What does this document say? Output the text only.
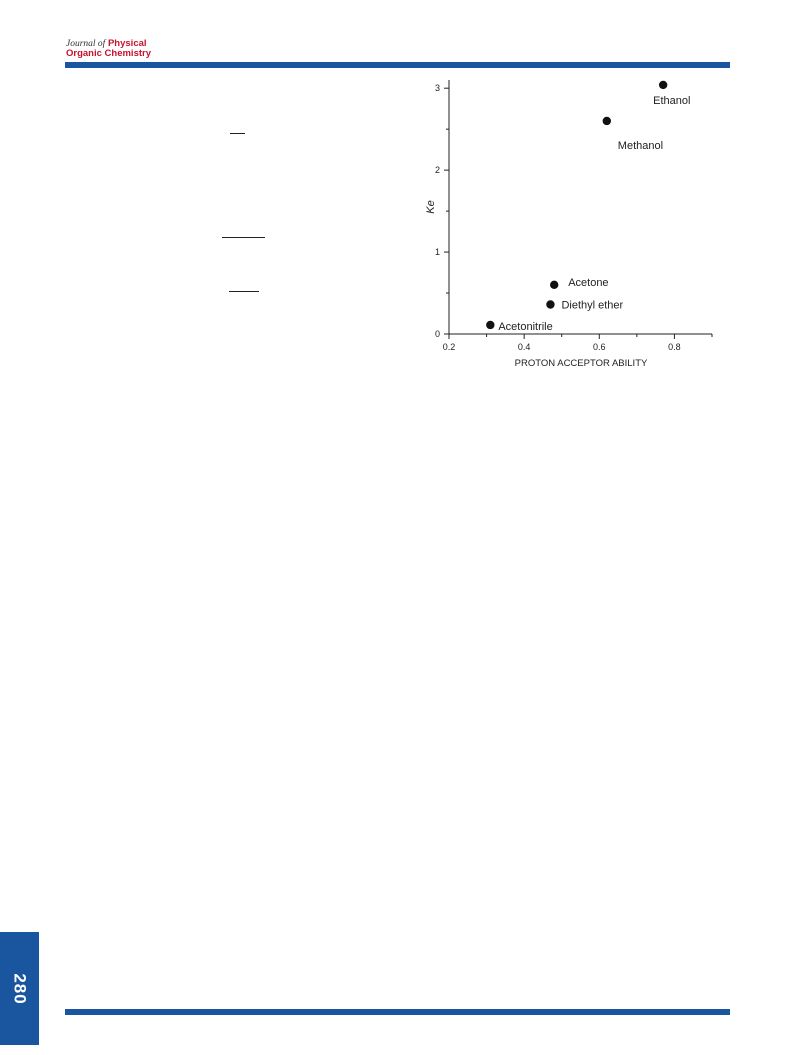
Journal of Physical
Organic Chemistry
0.2	0.4	0.6	0.8
0
1
2
3
Ethanol
Methanol
Acetone
Diethyl ether
Acetonitrile
PROTON ACCEPTOR ABILITY
Ke
280
